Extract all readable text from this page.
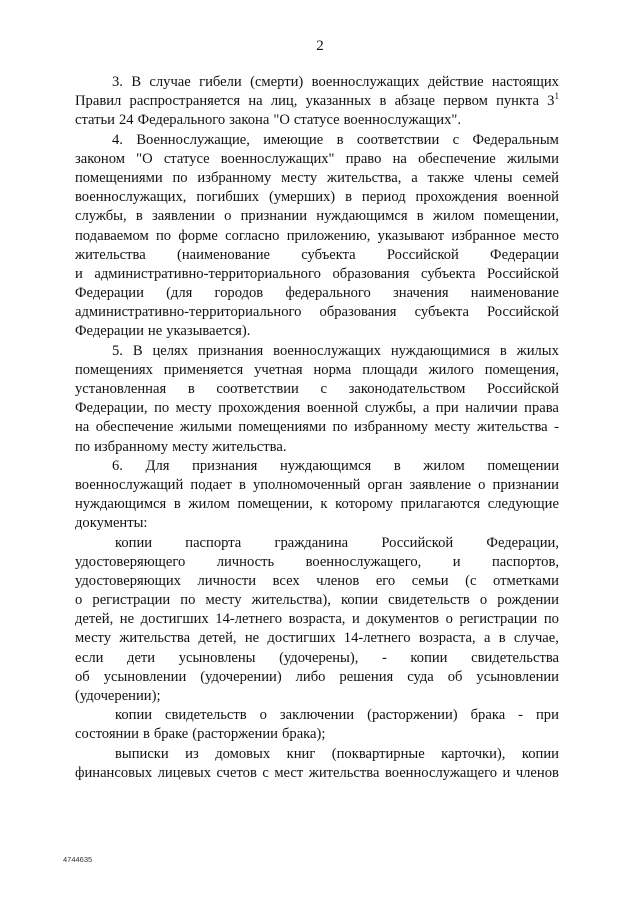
2
3. В случае гибели (смерти) военнослужащих действие настоящих
Правил распространяется на лиц, указанных в абзаце первом пункта $3^1$
статьи 24 Федерального закона "О статусе военнослужащих".
4. Военнослужащие, имеющие в соответствии с Федеральным
законом "О статусе военнослужащих" право на обеспечение жилыми
помещениями по избранному месту жительства, а также члены семей
военнослужащих, погибших (умерших) в период прохождения военной
службы, в заявлении о признании нуждающимся в жилом помещении,
подаваемом по форме согласно приложению, указывают избранное место
жительства (наименование субъекта Российской Федерации
и административно-территориального образования субъекта Российской
Федерации (для городов федерального значения наименование
административно-территориального образования субъекта Российской
Федерации не указывается).
5. В целях признания военнослужащих нуждающимися в жилых
помещениях применяется учетная норма площади жилого помещения,
установленная в соответствии с законодательством Российской
Федерации, по месту прохождения военной службы, а при наличии права
на обеспечение жилыми помещениями по избранному месту жительства -
по избранному месту жительства.
6. Для признания нуждающимся в жилом помещении
военнослужащий подает в уполномоченный орган заявление о признании
нуждающимся в жилом помещении, к которому прилагаются следующие
документы:
копии паспорта гражданина Российской Федерации,
удостоверяющего личность военнослужащего, и паспортов,
удостоверяющих личности всех членов его семьи (с отметками
о регистрации по месту жительства), копии свидетельств о рождении
детей, не достигших 14-летнего возраста, и документов о регистрации по
месту жительства детей, не достигших 14-летнего возраста, а в случае,
если дети усыновлены (удочерены), - копии свидетельства
об усыновлении (удочерении) либо решения суда об усыновлении
(удочерении);
копии свидетельств о заключении (расторжении) брака - при
состоянии в браке (расторжении брака);
выписки из домовых книг (поквартирные карточки), копии
финансовых лицевых счетов с мест жительства военнослужащего и членов
4744635
